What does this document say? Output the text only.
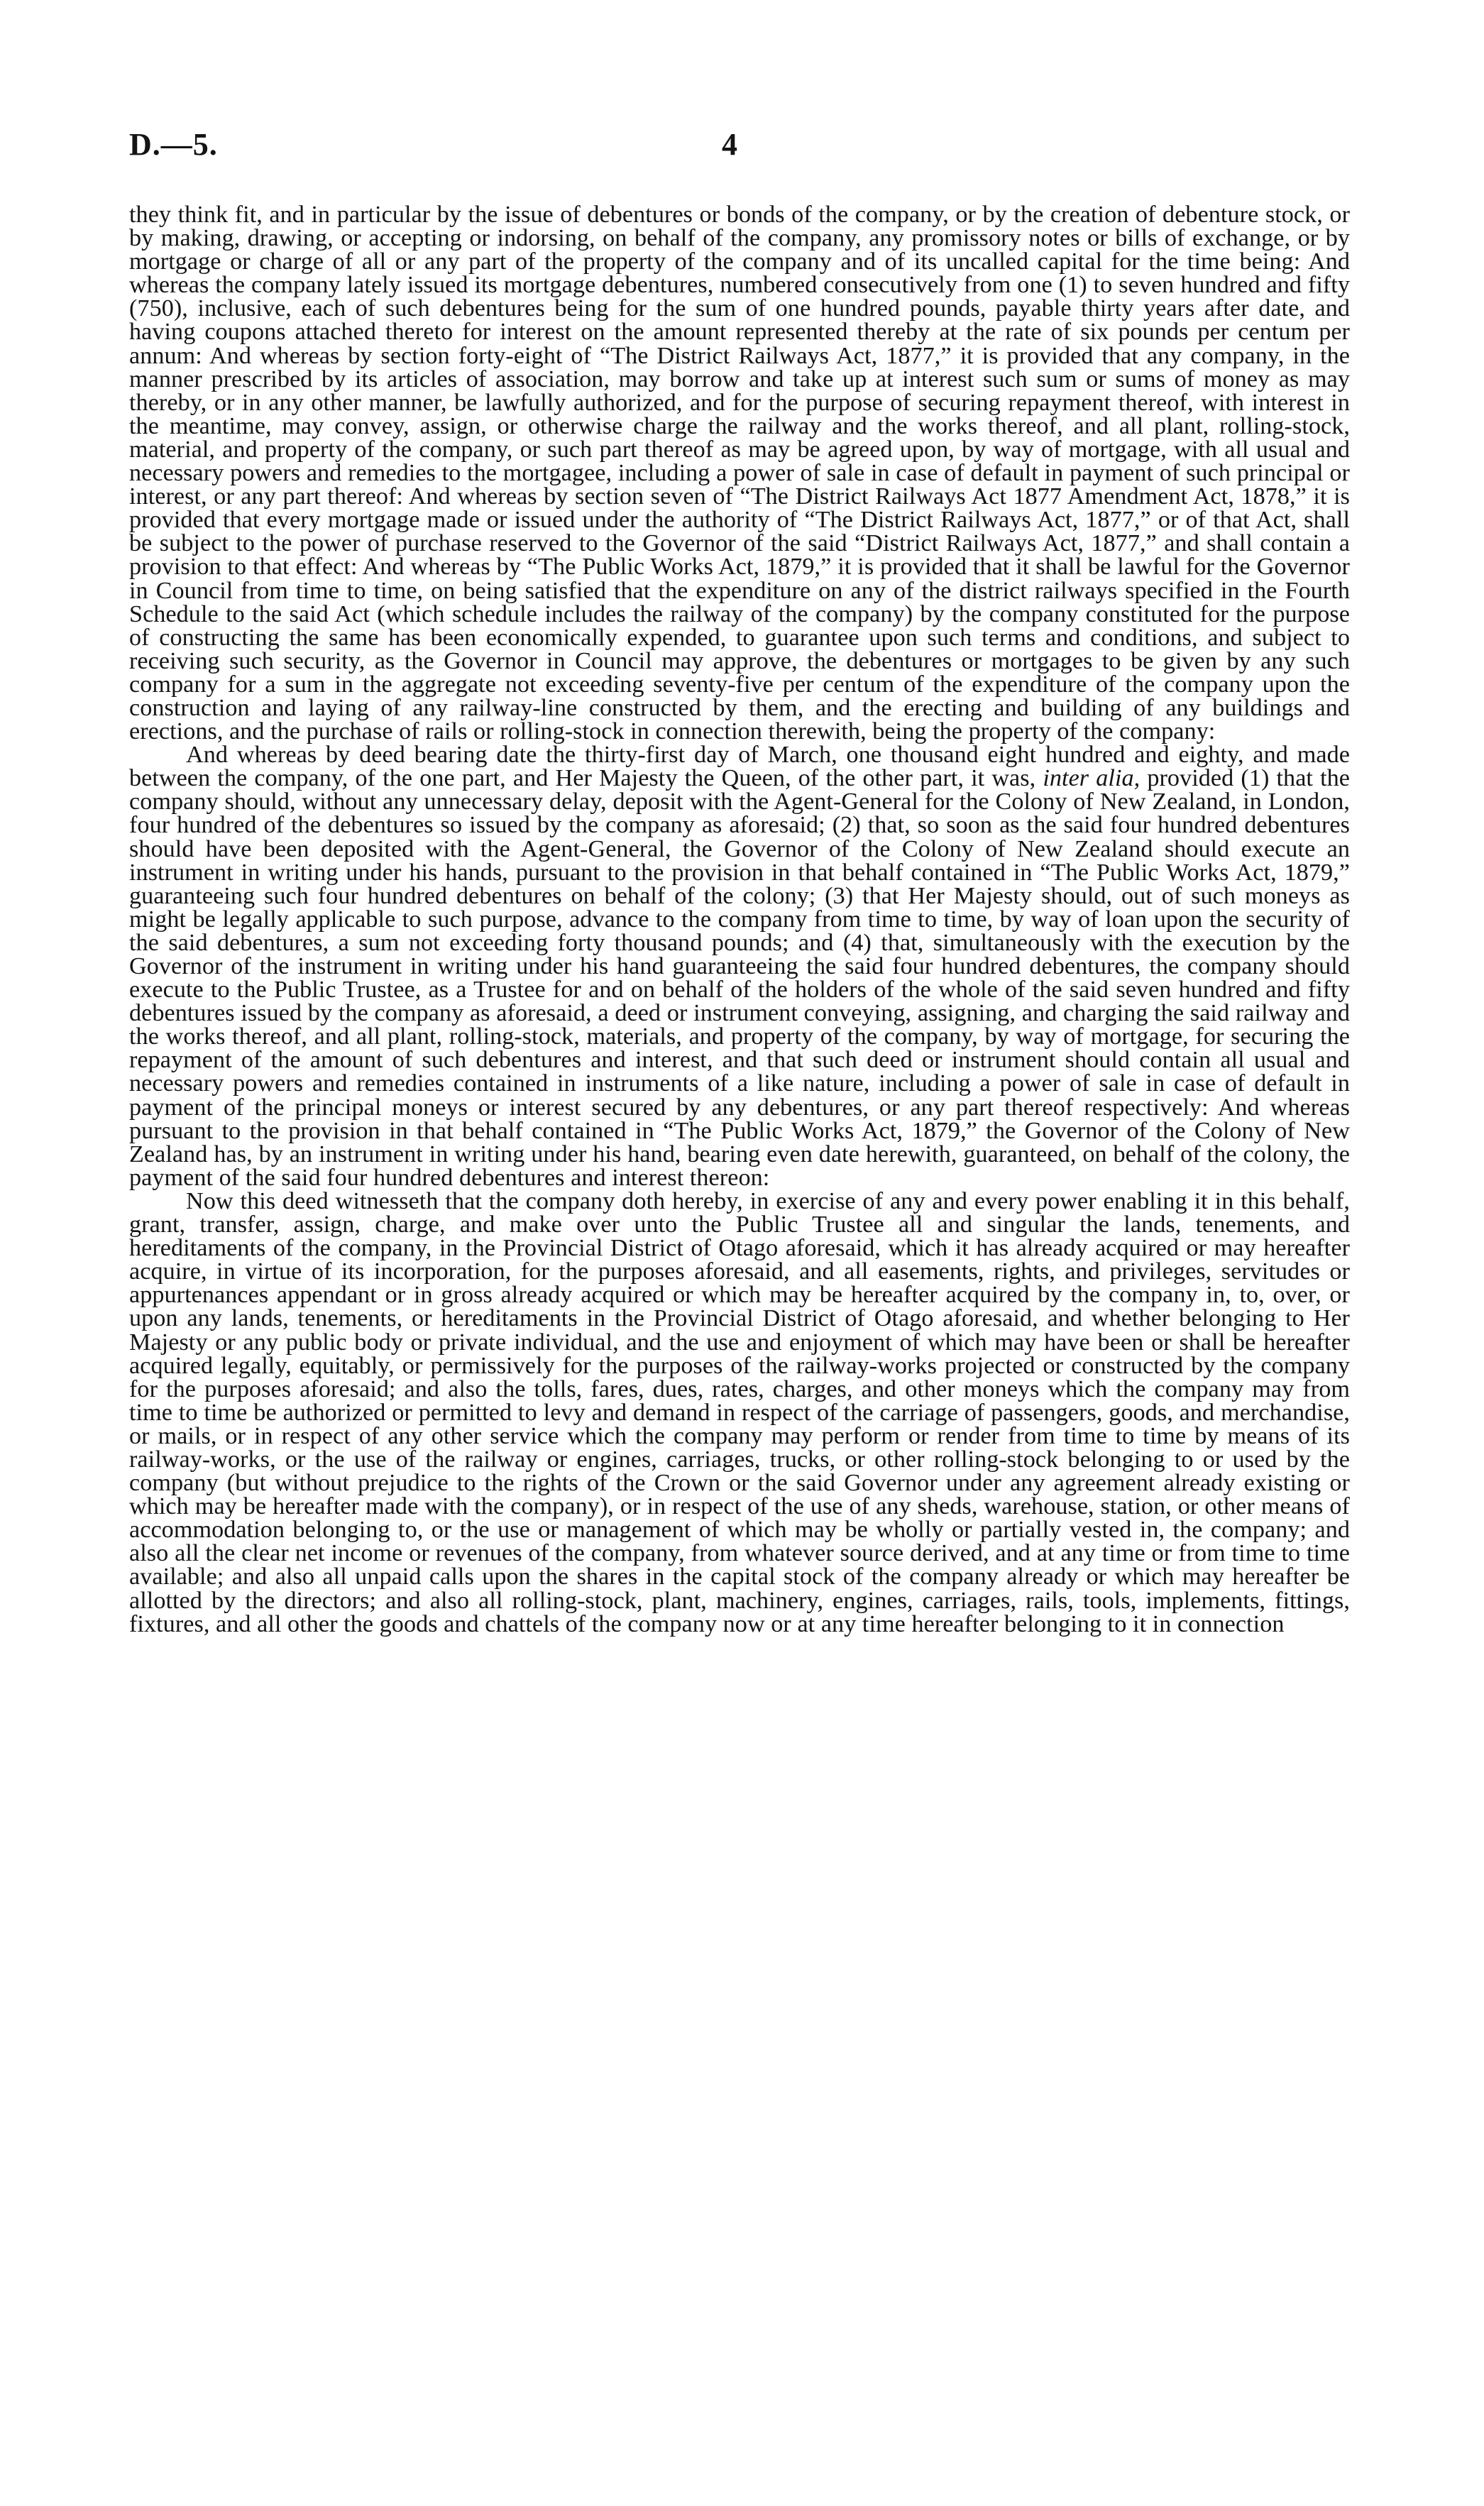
D.—5.	4

they think fit, and in particular by the issue of debentures or bonds of the company, or by the creation of debenture stock, or by making, drawing, or accepting or indorsing, on behalf of the company, any promissory notes or bills of exchange, or by mortgage or charge of all or any part of the property of the company and of its uncalled capital for the time being: And whereas the company lately issued its mortgage debentures, numbered consecutively from one (1) to seven hundred and fifty (750), inclusive, each of such debentures being for the sum of one hundred pounds, payable thirty years after date, and having coupons attached thereto for interest on the amount represented thereby at the rate of six pounds per centum per annum: And whereas by section forty-eight of “The District Railways Act, 1877,” it is provided that any company, in the manner prescribed by its articles of association, may borrow and take up at interest such sum or sums of money as may thereby, or in any other manner, be lawfully authorized, and for the purpose of securing repayment thereof, with interest in the meantime, may convey, assign, or otherwise charge the railway and the works thereof, and all plant, rolling-stock, material, and property of the company, or such part thereof as may be agreed upon, by way of mortgage, with all usual and necessary powers and remedies to the mortgagee, including a power of sale in case of default in payment of such principal or interest, or any part thereof: And whereas by section seven of “The District Railways Act 1877 Amendment Act, 1878,” it is provided that every mortgage made or issued under the authority of “The District Railways Act, 1877,” or of that Act, shall be subject to the power of purchase reserved to the Governor of the said “District Railways Act, 1877,” and shall contain a provision to that effect: And whereas by “The Public Works Act, 1879,” it is provided that it shall be lawful for the Governor in Council from time to time, on being satisfied that the expenditure on any of the district railways specified in the Fourth Schedule to the said Act (which schedule includes the railway of the company) by the company constituted for the purpose of constructing the same has been economically expended, to guarantee upon such terms and conditions, and subject to receiving such security, as the Governor in Council may approve, the debentures or mortgages to be given by any such company for a sum in the aggregate not exceeding seventy-five per centum of the expenditure of the company upon the construction and laying of any railway-line constructed by them, and the erecting and building of any buildings and erections, and the purchase of rails or rolling-stock in connection therewith, being the property of the company:

And whereas by deed bearing date the thirty-first day of March, one thousand eight hundred and eighty, and made between the company, of the one part, and Her Majesty the Queen, of the other part, it was, inter alia, provided (1) that the company should, without any unnecessary delay, deposit with the Agent-General for the Colony of New Zealand, in London, four hundred of the debentures so issued by the company as aforesaid; (2) that, so soon as the said four hundred debentures should have been deposited with the Agent-General, the Governor of the Colony of New Zealand should execute an instrument in writing under his hands, pursuant to the provision in that behalf contained in “The Public Works Act, 1879,” guaranteeing such four hundred debentures on behalf of the colony; (3) that Her Majesty should, out of such moneys as might be legally applicable to such purpose, advance to the company from time to time, by way of loan upon the security of the said debentures, a sum not exceeding forty thousand pounds; and (4) that, simultaneously with the execution by the Governor of the instrument in writing under his hand guaranteeing the said four hundred debentures, the company should execute to the Public Trustee, as a Trustee for and on behalf of the holders of the whole of the said seven hundred and fifty debentures issued by the company as aforesaid, a deed or instrument conveying, assigning, and charging the said railway and the works thereof, and all plant, rolling-stock, materials, and property of the company, by way of mortgage, for securing the repayment of the amount of such debentures and interest, and that such deed or instrument should contain all usual and necessary powers and remedies contained in instruments of a like nature, including a power of sale in case of default in payment of the principal moneys or interest secured by any debentures, or any part thereof respectively: And whereas pursuant to the provision in that behalf contained in “The Public Works Act, 1879,” the Governor of the Colony of New Zealand has, by an instrument in writing under his hand, bearing even date herewith, guaranteed, on behalf of the colony, the payment of the said four hundred debentures and interest thereon:

Now this deed witnesseth that the company doth hereby, in exercise of any and every power enabling it in this behalf, grant, transfer, assign, charge, and make over unto the Public Trustee all and singular the lands, tenements, and hereditaments of the company, in the Provincial District of Otago aforesaid, which it has already acquired or may hereafter acquire, in virtue of its incorporation, for the purposes aforesaid, and all easements, rights, and privileges, servitudes or appurtenances appendant or in gross already acquired or which may be hereafter acquired by the company in, to, over, or upon any lands, tenements, or hereditaments in the Provincial District of Otago aforesaid, and whether belonging to Her Majesty or any public body or private individual, and the use and enjoyment of which may have been or shall be hereafter acquired legally, equitably, or permissively for the purposes of the railway-works projected or constructed by the company for the purposes aforesaid; and also the tolls, fares, dues, rates, charges, and other moneys which the company may from time to time be authorized or permitted to levy and demand in respect of the carriage of passengers, goods, and merchandise, or mails, or in respect of any other service which the company may perform or render from time to time by means of its railway-works, or the use of the railway or engines, carriages, trucks, or other rolling-stock belonging to or used by the company (but without prejudice to the rights of the Crown or the said Governor under any agreement already existing or which may be hereafter made with the company), or in respect of the use of any sheds, warehouse, station, or other means of accommodation belonging to, or the use or management of which may be wholly or partially vested in, the company; and also all the clear net income or revenues of the company, from whatever source derived, and at any time or from time to time available; and also all unpaid calls upon the shares in the capital stock of the company already or which may hereafter be allotted by the directors; and also all rolling-stock, plant, machinery, engines, carriages, rails, tools, implements, fittings, fixtures, and all other the goods and chattels of the company now or at any time hereafter belonging to it in connection
